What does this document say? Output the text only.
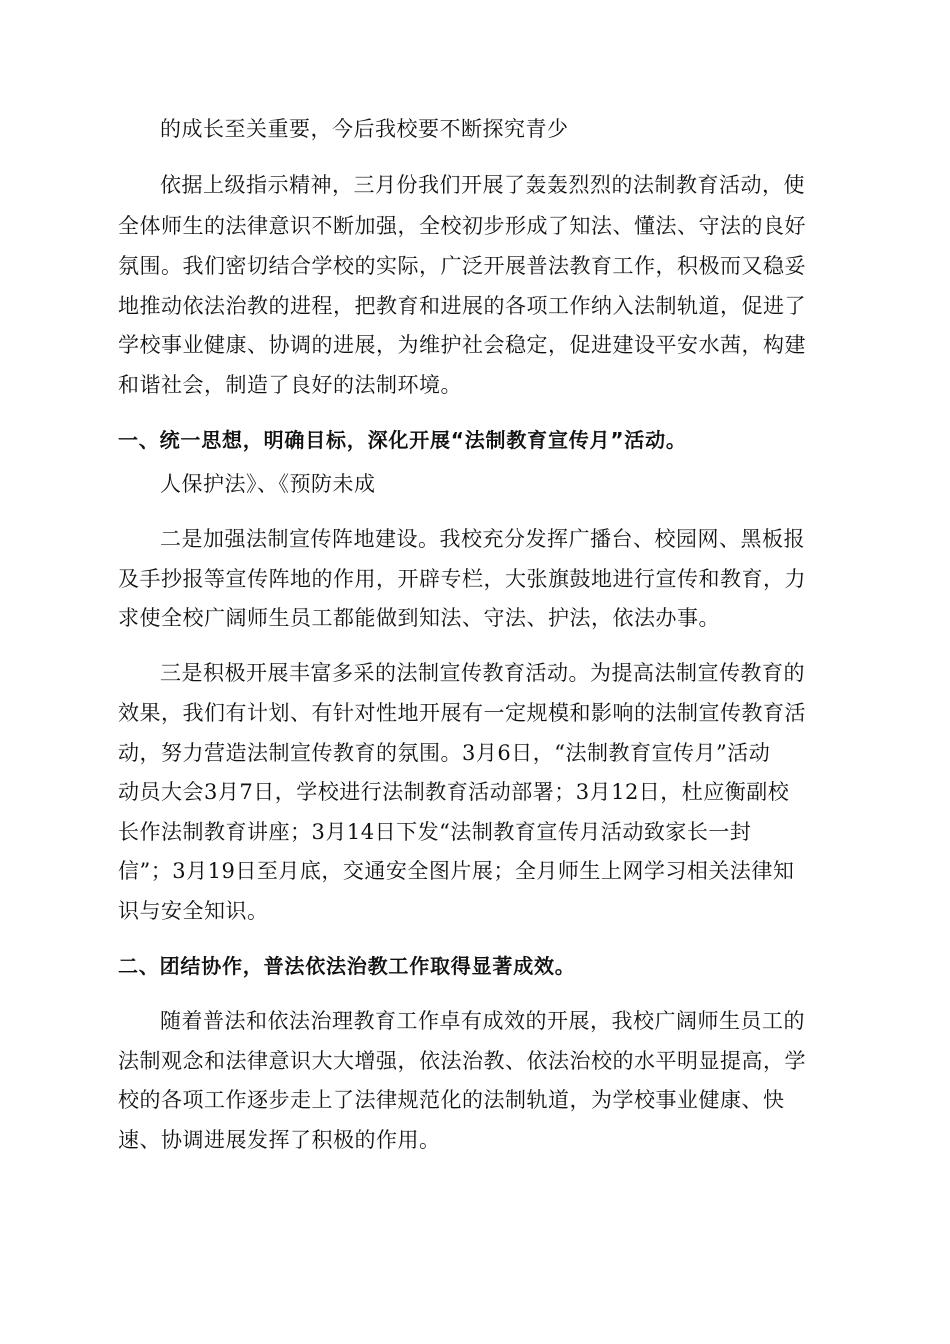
的成长至关重要，今后我校要不断探究青少

依据上级指示精神，三月份我们开展了轰轰烈烈的法制教育活动，使

全体师生的法律意识不断加强，全校初步形成了知法、懂法、守法的良好

氛围。我们密切结合学校的实际，广泛开展普法教育工作，积极而又稳妥

地推动依法治教的进程，把教育和进展的各项工作纳入法制轨道，促进了

学校事业健康、协调的进展，为维护社会稳定，促进建设平安水茜，构建

和谐社会，制造了良好的法制环境。

一、统一思想，明确目标，深化开展“法制教育宣传月”活动。

人保护法》、《预防未成

二是加强法制宣传阵地建设。我校充分发挥广播台、校园网、黑板报

及手抄报等宣传阵地的作用，开辟专栏，大张旗鼓地进行宣传和教育，力

求使全校广阔师生员工都能做到知法、守法、护法，依法办事。

三是积极开展丰富多采的法制宣传教育活动。为提高法制宣传教育的

效果，我们有计划、有针对性地开展有一定规模和影响的法制宣传教育活

动，努力营造法制宣传教育的氛围。3月6日，“法制教育宣传月”活动

动员大会3月7日，学校进行法制教育活动部署；3月12日，杜应衡副校

长作法制教育讲座；3月14日下发“法制教育宣传月活动致家长一封

信”；3月19日至月底，交通安全图片展；全月师生上网学习相关法律知

识与安全知识。

二、团结协作，普法依法治教工作取得显著成效。

随着普法和依法治理教育工作卓有成效的开展，我校广阔师生员工的

法制观念和法律意识大大增强，依法治教、依法治校的水平明显提高，学

校的各项工作逐步走上了法律规范化的法制轨道，为学校事业健康、快

速、协调进展发挥了积极的作用。
